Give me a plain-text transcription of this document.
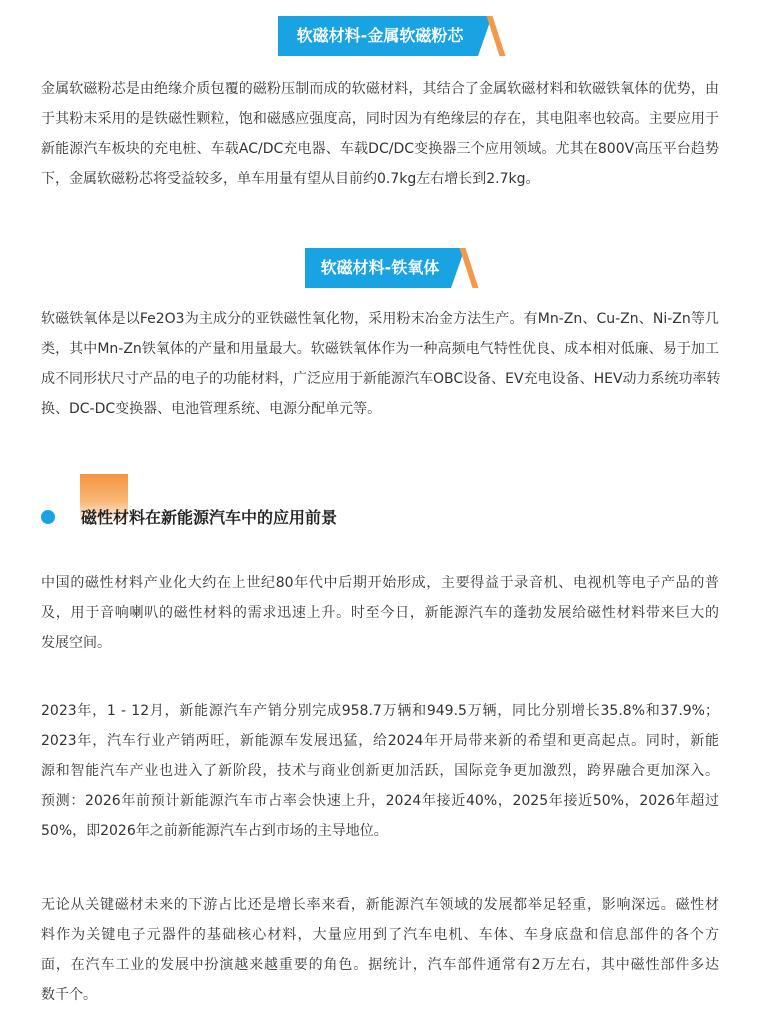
软磁材料-金属软磁粉芯
金属软磁粉芯是由绝缘介质包覆的磁粉压制而成的软磁材料，其结合了金属软磁材料和软磁铁氧体的优势，由
于其粉末采用的是铁磁性颗粒，饱和磁感应强度高，同时因为有绝缘层的存在，其电阻率也较高。主要应用于
新能源汽车板块的充电桩、车载AC/DC充电器、车载DC/DC变换器三个应用领域。尤其在800V高压平台趋势
下，金属软磁粉芯将受益较多，单车用量有望从目前约0.7kg左右增长到2.7kg。
软磁材料-铁氧体
软磁铁氧体是以Fe2O3为主成分的亚铁磁性氧化物，采用粉末冶金方法生产。有Mn-Zn、Cu-Zn、Ni-Zn等几
类，其中Mn-Zn铁氧体的产量和用量最大。软磁铁氧体作为一种高频电气特性优良、成本相对低廉、易于加工
成不同形状尺寸产品的电子的功能材料，广泛应用于新能源汽车OBC设备、EV充电设备、HEV动力系统功率转
换、DC-DC变换器、电池管理系统、电源分配单元等。
磁性材料在新能源汽车中的应用前景
中国的磁性材料产业化大约在上世纪80年代中后期开始形成，主要得益于录音机、电视机等电子产品的普
及，用于音响喇叭的磁性材料的需求迅速上升。时至今日，新能源汽车的蓬勃发展给磁性材料带来巨大的
发展空间。
2023年，1 - 12月，新能源汽车产销分别完成958.7万辆和949.5万辆，同比分别增长35.8%和37.9%；
2023年，汽车行业产销两旺，新能源车发展迅猛，给2024年开局带来新的希望和更高起点。同时，新能
源和智能汽车产业也进入了新阶段，技术与商业创新更加活跃，国际竞争更加激烈，跨界融合更加深入。
预测：2026年前预计新能源汽车市占率会快速上升，2024年接近40%，2025年接近50%，2026年超过
50%，即2026年之前新能源汽车占到市场的主导地位。
无论从关键磁材未来的下游占比还是增长率来看，新能源汽车领域的发展都举足轻重，影响深远。磁性材
料作为关键电子元器件的基础核心材料，大量应用到了汽车电机、车体、车身底盘和信息部件的各个方
面，在汽车工业的发展中扮演越来越重要的角色。据统计，汽车部件通常有2万左右，其中磁性部件多达
数千个。
